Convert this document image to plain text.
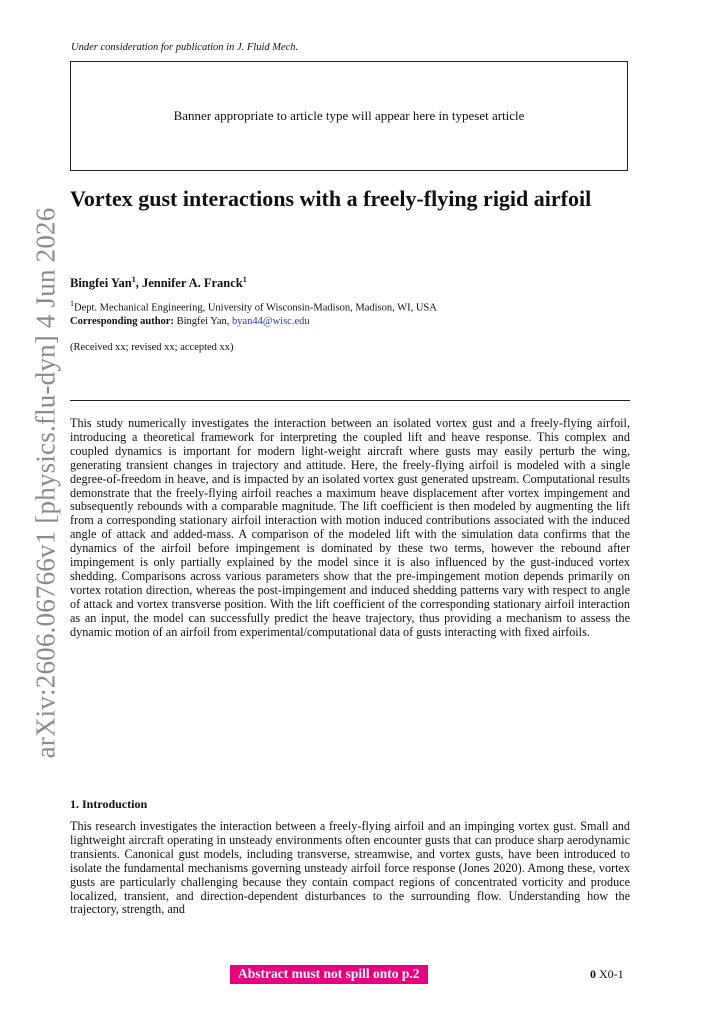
Under consideration for publication in J. Fluid Mech.
Banner appropriate to article type will appear here in typeset article
arXiv:2606.06766v1 [physics.flu-dyn] 4 Jun 2026
Vortex gust interactions with a freely-flying rigid airfoil
Bingfei Yan$^1$, Jennifer A. Franck$^1$
$^1$Dept. Mechanical Engineering, University of Wisconsin-Madison, Madison, WI, USA
Corresponding author: Bingfei Yan, byan44@wisc.edu
(Received xx; revised xx; accepted xx)

This study numerically investigates the interaction between an isolated vortex gust and a freely-flying airfoil, introducing a theoretical framework for interpreting the coupled lift and heave response. This complex and coupled dynamics is important for modern light-weight aircraft where gusts may easily perturb the wing, generating transient changes in trajectory and attitude. Here, the freely-flying airfoil is modeled with a single degree-of-freedom in heave, and is impacted by an isolated vortex gust generated upstream. Computational results demonstrate that the freely-flying airfoil reaches a maximum heave displacement after vortex impingement and subsequently rebounds with a comparable magnitude. The lift coefficient is then modeled by augmenting the lift from a corresponding stationary airfoil interaction with motion induced contributions associated with the induced angle of attack and added-mass. A comparison of the modeled lift with the simulation data confirms that the dynamics of the airfoil before impingement is dominated by these two terms, however the rebound after impingement is only partially explained by the model since it is also influenced by the gust-induced vortex shedding. Comparisons across various parameters show that the pre-impingement motion depends primarily on vortex rotation direction, whereas the post-impingement and induced shedding patterns vary with respect to angle of attack and vortex transverse position. With the lift coefficient of the corresponding stationary airfoil interaction as an input, the model can successfully predict the heave trajectory, thus providing a mechanism to assess the dynamic motion of an airfoil from experimental/computational data of gusts interacting with fixed airfoils.

1. Introduction

This research investigates the interaction between a freely-flying airfoil and an impinging vortex gust. Small and lightweight aircraft operating in unsteady environments often encounter gusts that can produce sharp aerodynamic transients. Canonical gust models, including transverse, streamwise, and vortex gusts, have been introduced to isolate the fundamental mechanisms governing unsteady airfoil force response (Jones 2020). Among these, vortex gusts are particularly challenging because they contain compact regions of concentrated vorticity and produce localized, transient, and direction-dependent disturbances to the surrounding flow. Understanding how the trajectory, strength, and

Abstract must not spill onto p.2	0 X0-1
